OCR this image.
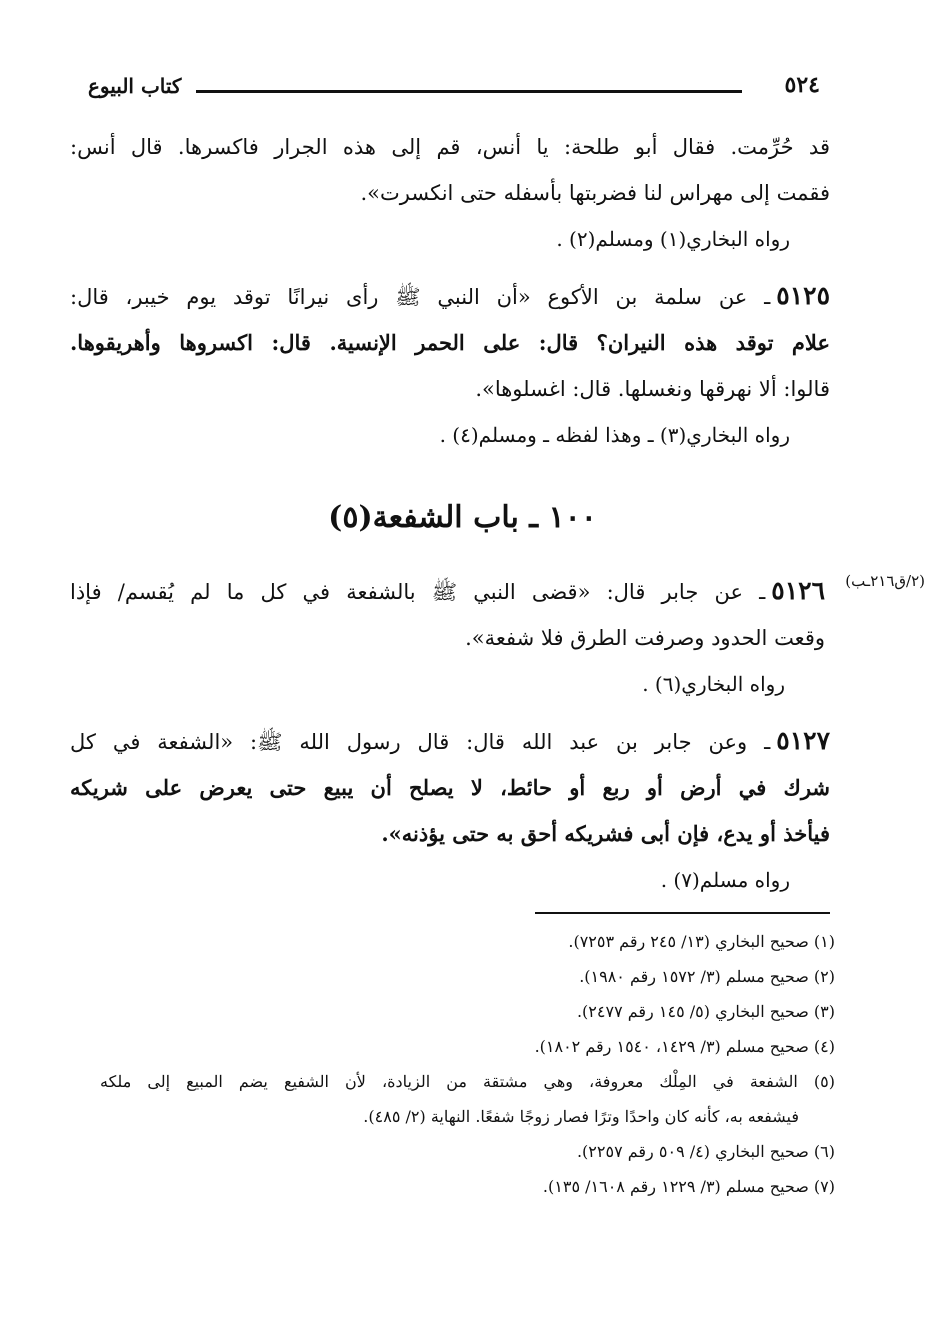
٥٢٤
كتاب البيوع
قد حُرِّمت. فقال أبو طلحة: يا أنس، قم إلى هذه الجرار فاكسرها. قال أنس:
فقمت إلى مهراس لنا فضربتها بأسفله حتى انكسرت».
رواه البخاري(١) ومسلم(٢) .
٥١٢٥ـ عن سلمة بن الأكوع «أن النبي ﷺ رأى نيرانًا توقد يوم خيبر، قال:
علام توقد هذه النيران؟ قال: على الحمر الإنسية. قال: اكسروها وأهريقوها.
قالوا: ألا نهرقها ونغسلها. قال: اغسلوها».
رواه البخاري(٣) ـ وهذا لفظه ـ ومسلم(٤) .
١٠٠ ـ باب الشفعة(٥)
(٢/ق٢١٦ـب)
٥١٢٦ـ عن جابر قال: «قضى النبي ﷺ بالشفعة في كل ما لم يُقسم/ فإذا
وقعت الحدود وصرفت الطرق فلا شفعة».
رواه البخاري(٦) .
٥١٢٧ـ وعن جابر بن عبد الله قال: قال رسول الله ﷺ: «الشفعة في كل
شرك في أرض أو ربع أو حائط، لا يصلح أن يبيع حتى يعرض على شريكه
فيأخذ أو يدع، فإن أبى فشريكه أحق به حتى يؤذنه».
رواه مسلم(٧) .
(١) صحيح البخاري (١٣/ ٢٤٥ رقم ٧٢٥٣).
(٢) صحيح مسلم (٣/ ١٥٧٢ رقم ١٩٨٠).
(٣) صحيح البخاري (٥/ ١٤٥ رقم ٢٤٧٧).
(٤) صحيح مسلم (٣/ ١٤٢٩، ١٥٤٠ رقم ١٨٠٢).
(٥) الشفعة في المِلْك معروفة، وهي مشتقة من الزيادة، لأن الشفيع يضم المبيع إلى ملكه
فيشفعه به، كأنه كان واحدًا وترًا فصار زوجًا شفعًا. النهاية (٢/ ٤٨٥).
(٦) صحيح البخاري (٤/ ٥٠٩ رقم ٢٢٥٧).
(٧) صحيح مسلم (٣/ ١٢٢٩ رقم ١٦٠٨/ ١٣٥).
